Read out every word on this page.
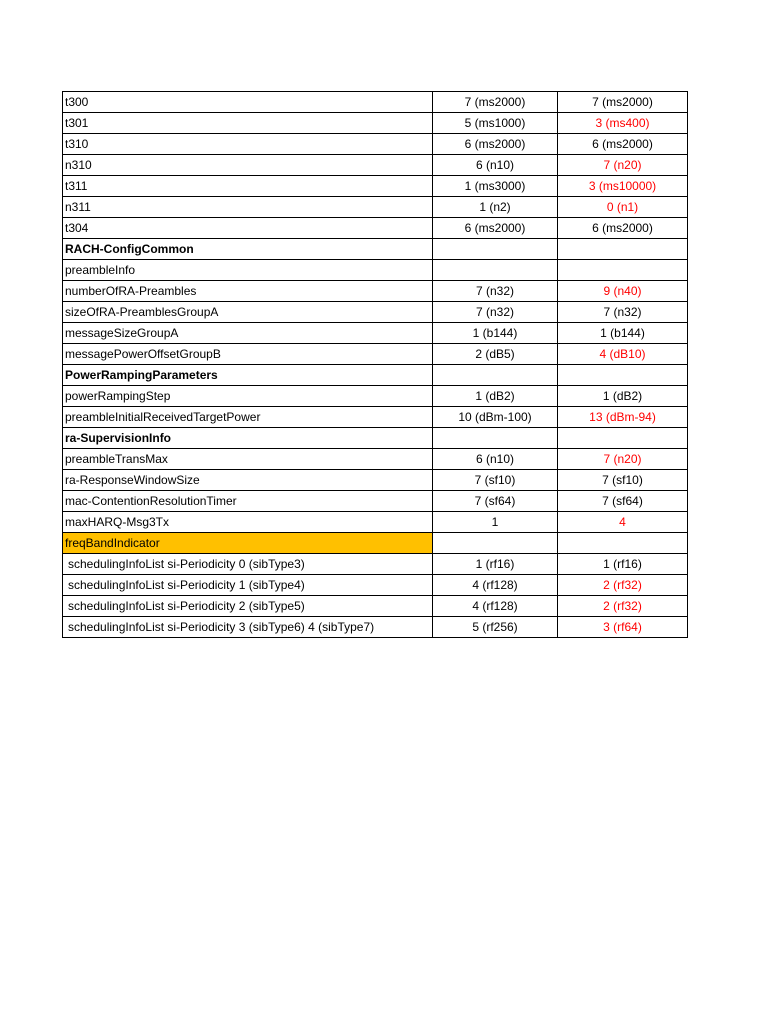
t300	7 (ms2000)	7 (ms2000)
t301	5 (ms1000)	3 (ms400)
t310	6 (ms2000)	6 (ms2000)
n310	6 (n10)	7 (n20)
t311	1 (ms3000)	3 (ms10000)
n311	1 (n2)	0 (n1)
t304	6 (ms2000)	6 (ms2000)
RACH-ConfigCommon		
preambleInfo		
numberOfRA-Preambles	7 (n32)	9 (n40)
sizeOfRA-PreamblesGroupA	7 (n32)	7 (n32)
messageSizeGroupA	1 (b144)	1 (b144)
messagePowerOffsetGroupB	2 (dB5)	4 (dB10)
PowerRampingParameters		
powerRampingStep	1 (dB2)	1 (dB2)
preambleInitialReceivedTargetPower	10 (dBm-100)	13 (dBm-94)
ra-SupervisionInfo		
preambleTransMax	6 (n10)	7 (n20)
ra-ResponseWindowSize	7 (sf10)	7 (sf10)
mac-ContentionResolutionTimer	7 (sf64)	7 (sf64)
maxHARQ-Msg3Tx	1	4
freqBandIndicator		
schedulingInfoList si-Periodicity 0 (sibType3)	1 (rf16)	1 (rf16)
schedulingInfoList si-Periodicity 1 (sibType4)	4 (rf128)	2 (rf32)
schedulingInfoList si-Periodicity 2 (sibType5)	4 (rf128)	2 (rf32)
schedulingInfoList si-Periodicity 3 (sibType6) 4 (sibType7)	5 (rf256)	3 (rf64)
